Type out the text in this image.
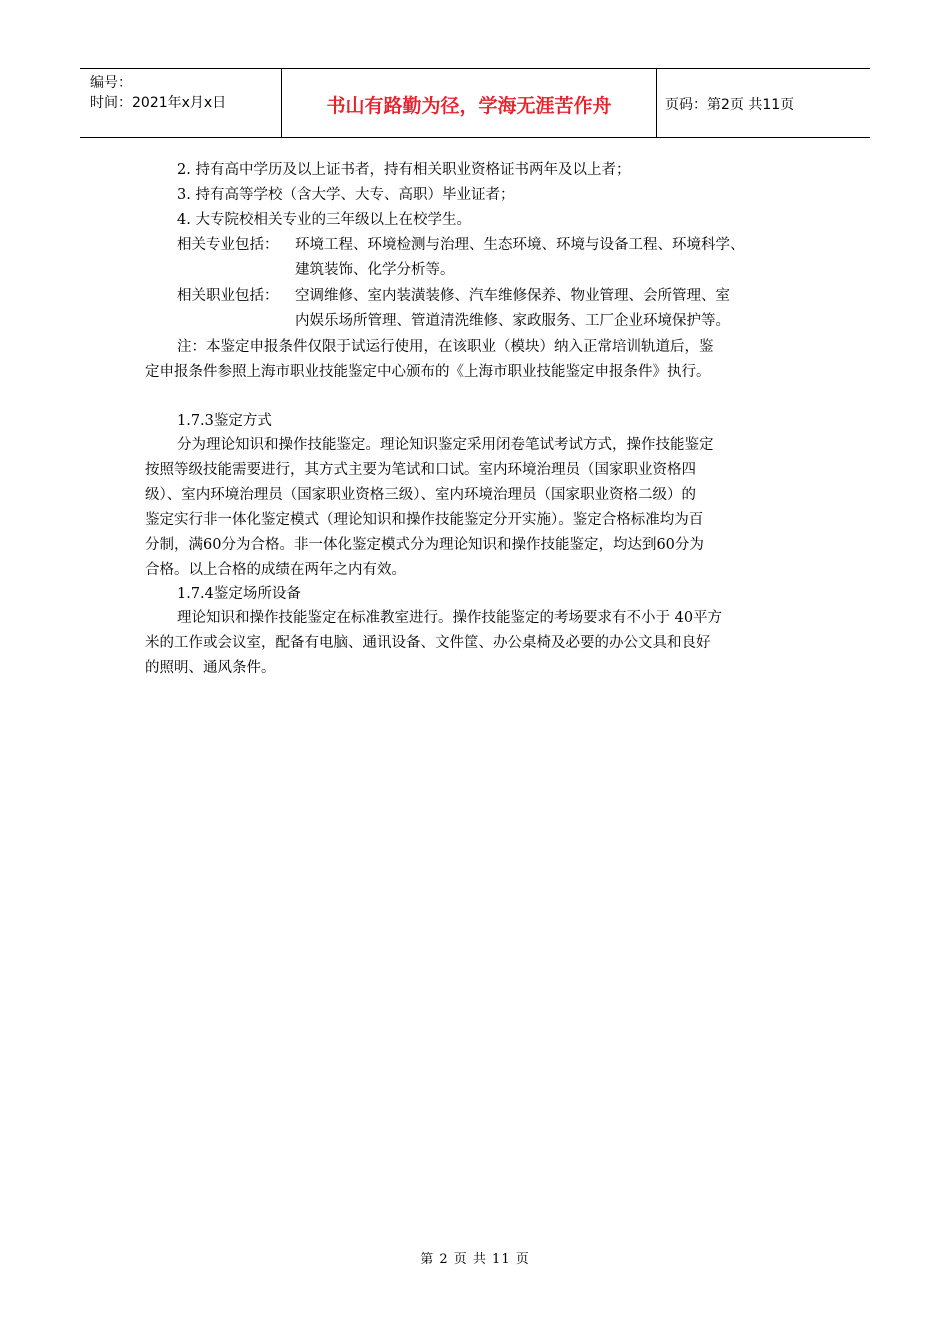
编号：
时间：2021年x月x日	书山有路勤为径，学海无涯苦作舟	页码：第2页 共11页
2. 持有高中学历及以上证书者，持有相关职业资格证书两年及以上者；
3. 持有高等学校（含大学、大专、高职）毕业证者；
4. 大专院校相关专业的三年级以上在校学生。
相关专业包括： 环境工程、环境检测与治理、生态环境、环境与设备工程、环境科学、
建筑装饰、化学分析等。
相关职业包括： 空调维修、室内装潢装修、汽车维修保养、物业管理、会所管理、室
内娱乐场所管理、管道清洗维修、家政服务、工厂企业环境保护等。
注：本鉴定申报条件仅限于试运行使用，在该职业（模块）纳入正常培训轨道后，鉴
定申报条件参照上海市职业技能鉴定中心颁布的《上海市职业技能鉴定申报条件》执行。
1.7.3鉴定方式
分为理论知识和操作技能鉴定。理论知识鉴定采用闭卷笔试考试方式，操作技能鉴定
按照等级技能需要进行，其方式主要为笔试和口试。室内环境治理员（国家职业资格四
级）、室内环境治理员（国家职业资格三级）、室内环境治理员（国家职业资格二级）的
鉴定实行非一体化鉴定模式（理论知识和操作技能鉴定分开实施）。鉴定合格标准均为百
分制，满60分为合格。非一体化鉴定模式分为理论知识和操作技能鉴定，均达到60分为
合格。以上合格的成绩在两年之内有效。
1.7.4鉴定场所设备
理论知识和操作技能鉴定在标准教室进行。操作技能鉴定的考场要求有不小于 40平方
米的工作或会议室，配备有电脑、通讯设备、文件筐、办公桌椅及必要的办公文具和良好
的照明、通风条件。
第 2 页 共 11 页
